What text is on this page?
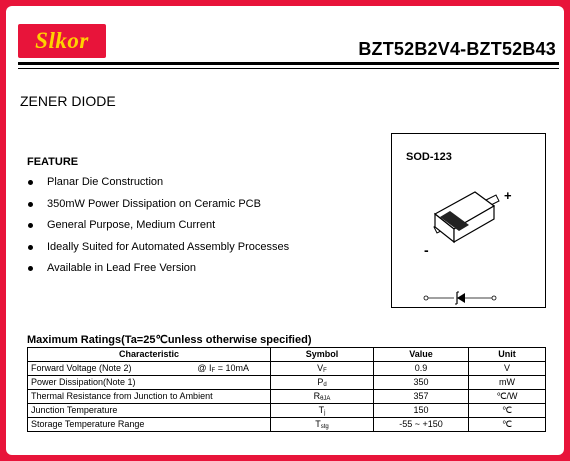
Slkor	BZT52B2V4-BZT52B43
ZENER DIODE
FEATURE
Planar Die Construction
350mW Power Dissipation on Ceramic PCB
General Purpose, Medium Current
Ideally Suited for Automated Assembly Processes
Available in Lead Free Version
SOD-123
+
-
Maximum Ratings(Ta=25℃unless otherwise specified)
Characteristic	Symbol	Value	Unit

Forward Voltage (Note 2) @ $I_F = 10mA$	$V_F$	0.9	V
Power Dissipation(Note 1)	$P_d$	350	mW
Thermal Resistance from Junction to Ambient	$R_{\theta JA}$	357	℃/W
Junction Temperature	$T_j$	150	℃
Storage Temperature Range	$T_{stg}$	-55 ~ +150	℃
